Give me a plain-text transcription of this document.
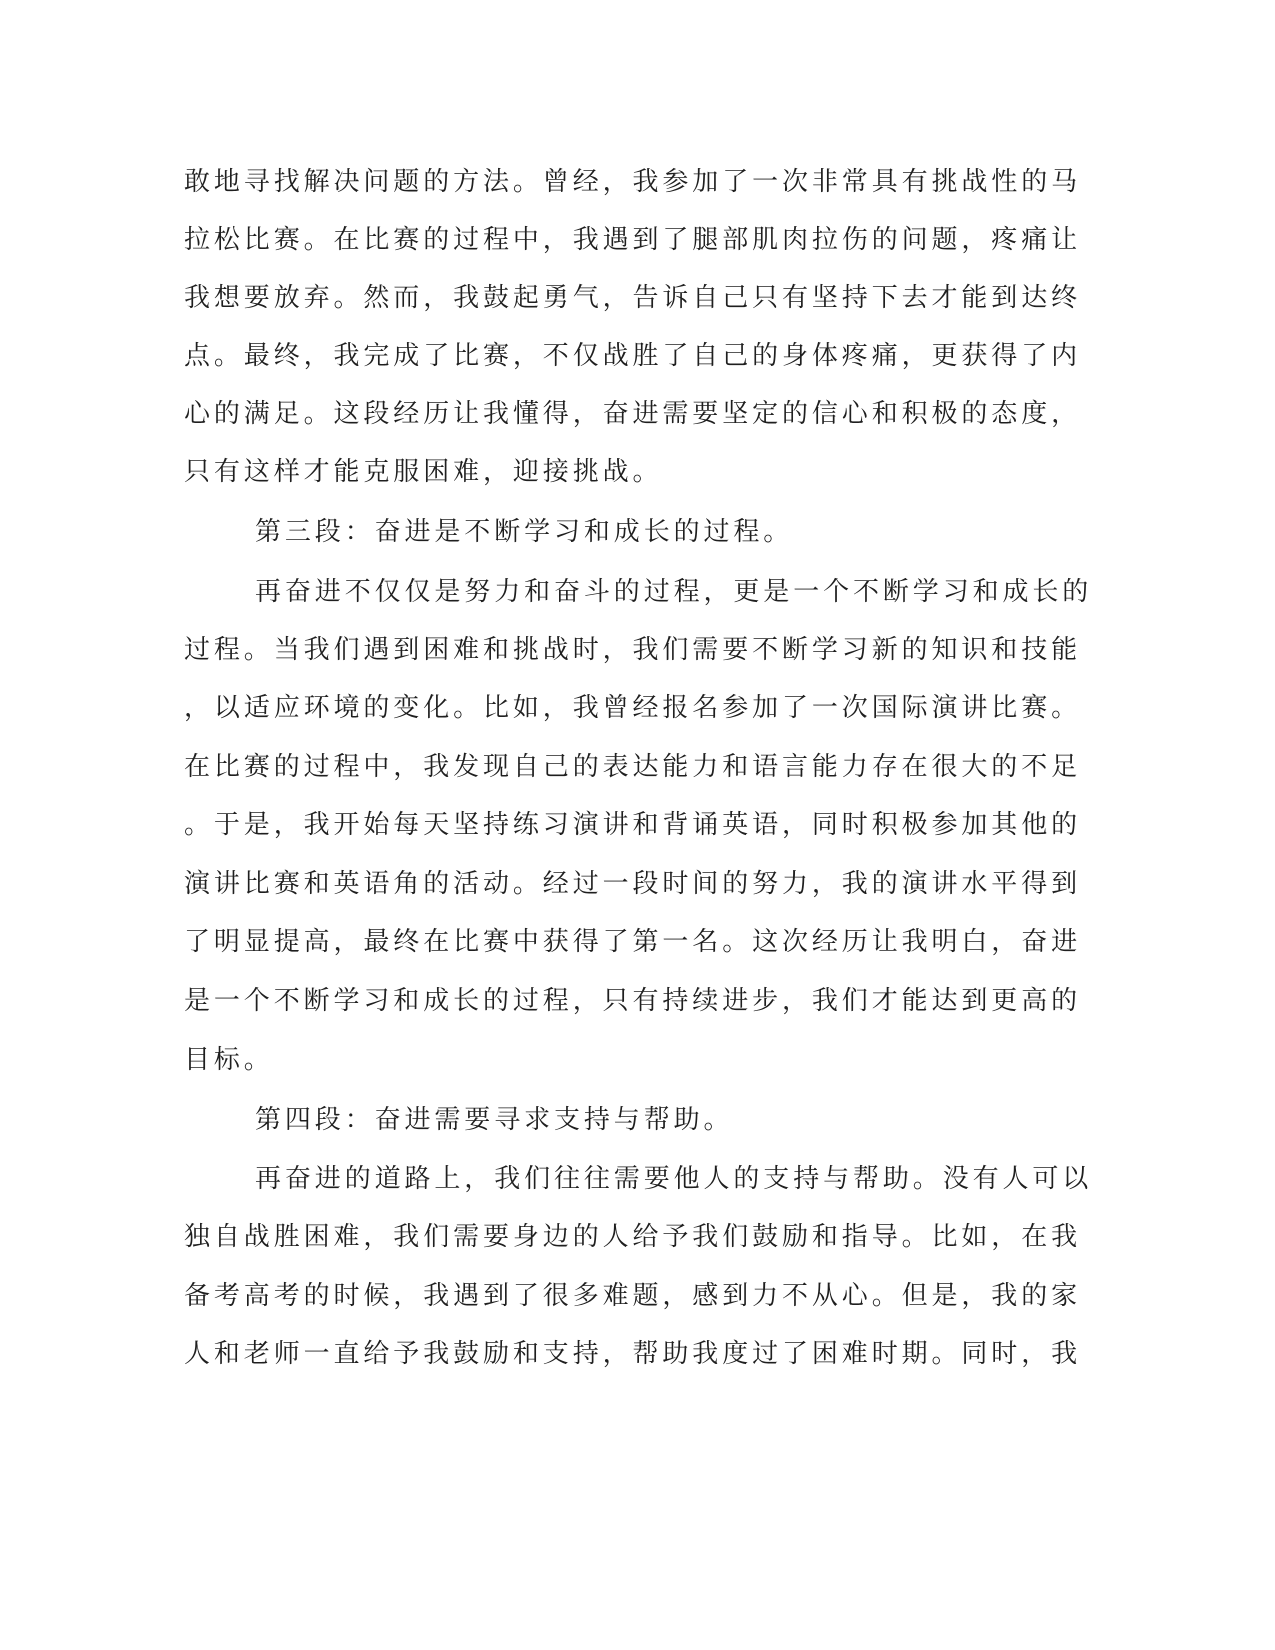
敢地寻找解决问题的方法。曾经，我参加了一次非常具有挑战性的马

拉松比赛。在比赛的过程中，我遇到了腿部肌肉拉伤的问题，疼痛让

我想要放弃。然而，我鼓起勇气，告诉自己只有坚持下去才能到达终

点。最终，我完成了比赛，不仅战胜了自己的身体疼痛，更获得了内

心的满足。这段经历让我懂得，奋进需要坚定的信心和积极的态度，

只有这样才能克服困难，迎接挑战。

第三段：奋进是不断学习和成长的过程。

再奋进不仅仅是努力和奋斗的过程，更是一个不断学习和成长的

过程。当我们遇到困难和挑战时，我们需要不断学习新的知识和技能

，以适应环境的变化。比如，我曾经报名参加了一次国际演讲比赛。

在比赛的过程中，我发现自己的表达能力和语言能力存在很大的不足

。于是，我开始每天坚持练习演讲和背诵英语，同时积极参加其他的

演讲比赛和英语角的活动。经过一段时间的努力，我的演讲水平得到

了明显提高，最终在比赛中获得了第一名。这次经历让我明白，奋进

是一个不断学习和成长的过程，只有持续进步，我们才能达到更高的

目标。

第四段：奋进需要寻求支持与帮助。

再奋进的道路上，我们往往需要他人的支持与帮助。没有人可以

独自战胜困难，我们需要身边的人给予我们鼓励和指导。比如，在我

备考高考的时候，我遇到了很多难题，感到力不从心。但是，我的家

人和老师一直给予我鼓励和支持，帮助我度过了困难时期。同时，我
